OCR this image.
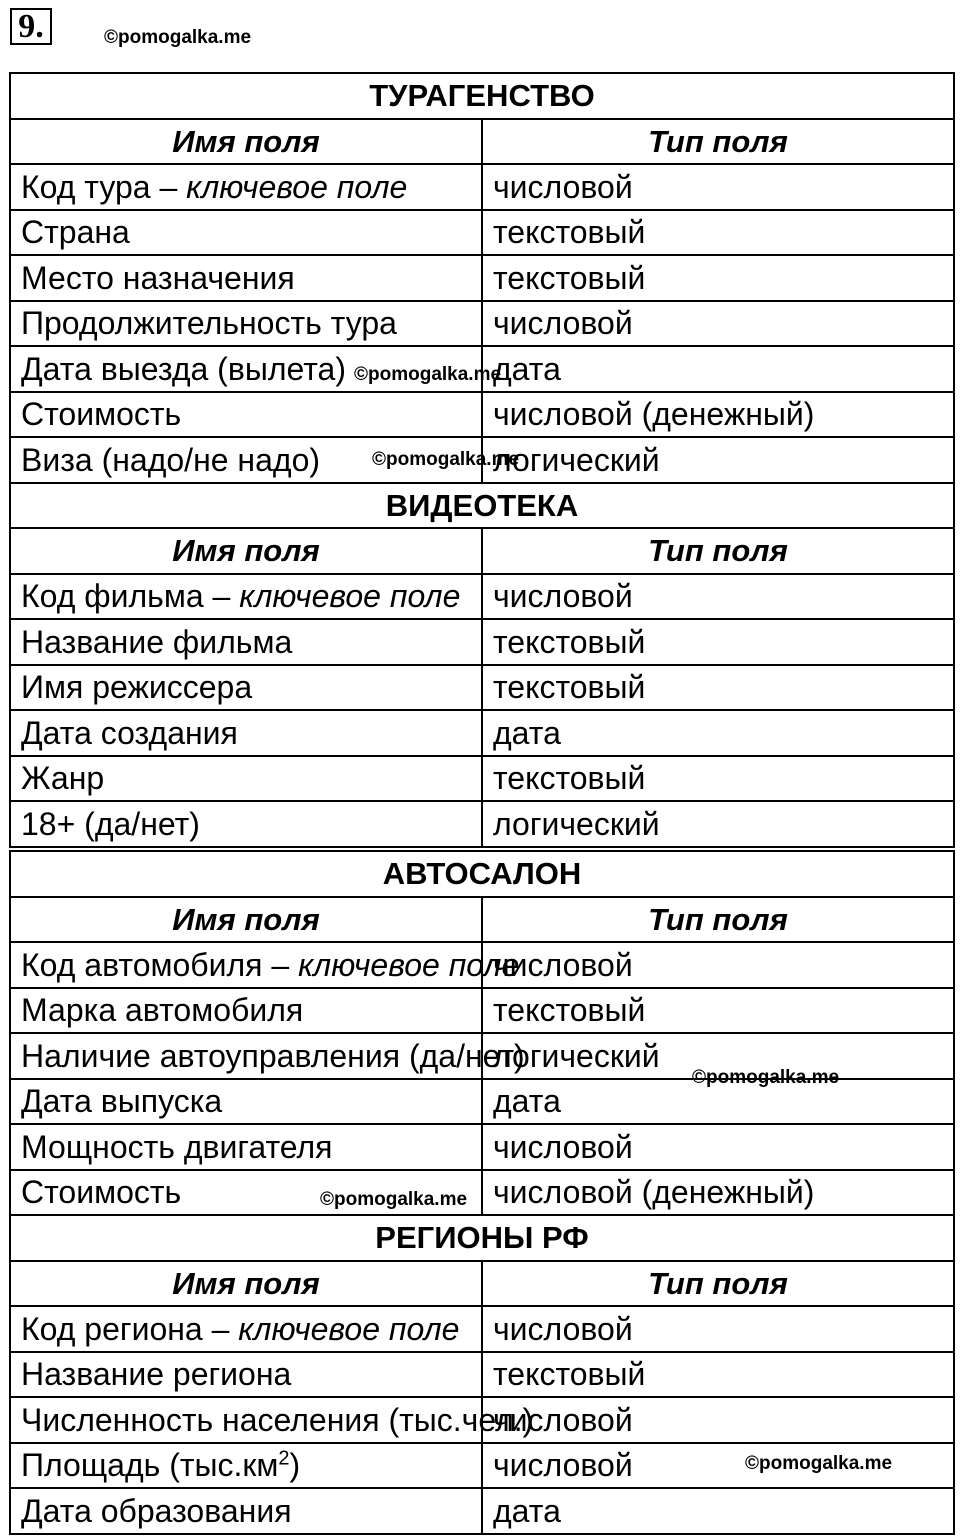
9.	©pomogalka.me
ТУРАГЕНСТВО	
Имя поля	Тип поля
Код тура – ключевое поле	числовой
Страна	текстовый
Место назначения	текстовый
Продолжительность тура	числовой
Дата выезда (вылета)	дата
Стоимость	числовой (денежный)
Виза (надо/не надо)	логический
ВИДЕОТЕКА	
Имя поля	Тип поля
Код фильма – ключевое поле	числовой
Название фильма	текстовый
Имя режиссера	текстовый
Дата создания	дата
Жанр	текстовый
18+ (да/нет)	логический
АВТОСАЛОН	
Имя поля	Тип поля
Код автомобиля – ключевое поле	числовой
Марка автомобиля	текстовый
Наличие автоуправления (да/нет)	логический
Дата выпуска	дата
Мощность двигателя	числовой
Стоимость	числовой (денежный)
РЕГИОНЫ РФ	
Имя поля	Тип поля
Код региона – ключевое поле	числовой
Название региона	текстовый
Численность населения (тыс.чел.)	числовой
Площадь $(тыс.км^2)$	числовой
Дата образования	дата
©pomogalka.me
©pomogalka.me
©pomogalka.me
©pomogalka.me
©pomogalka.me
